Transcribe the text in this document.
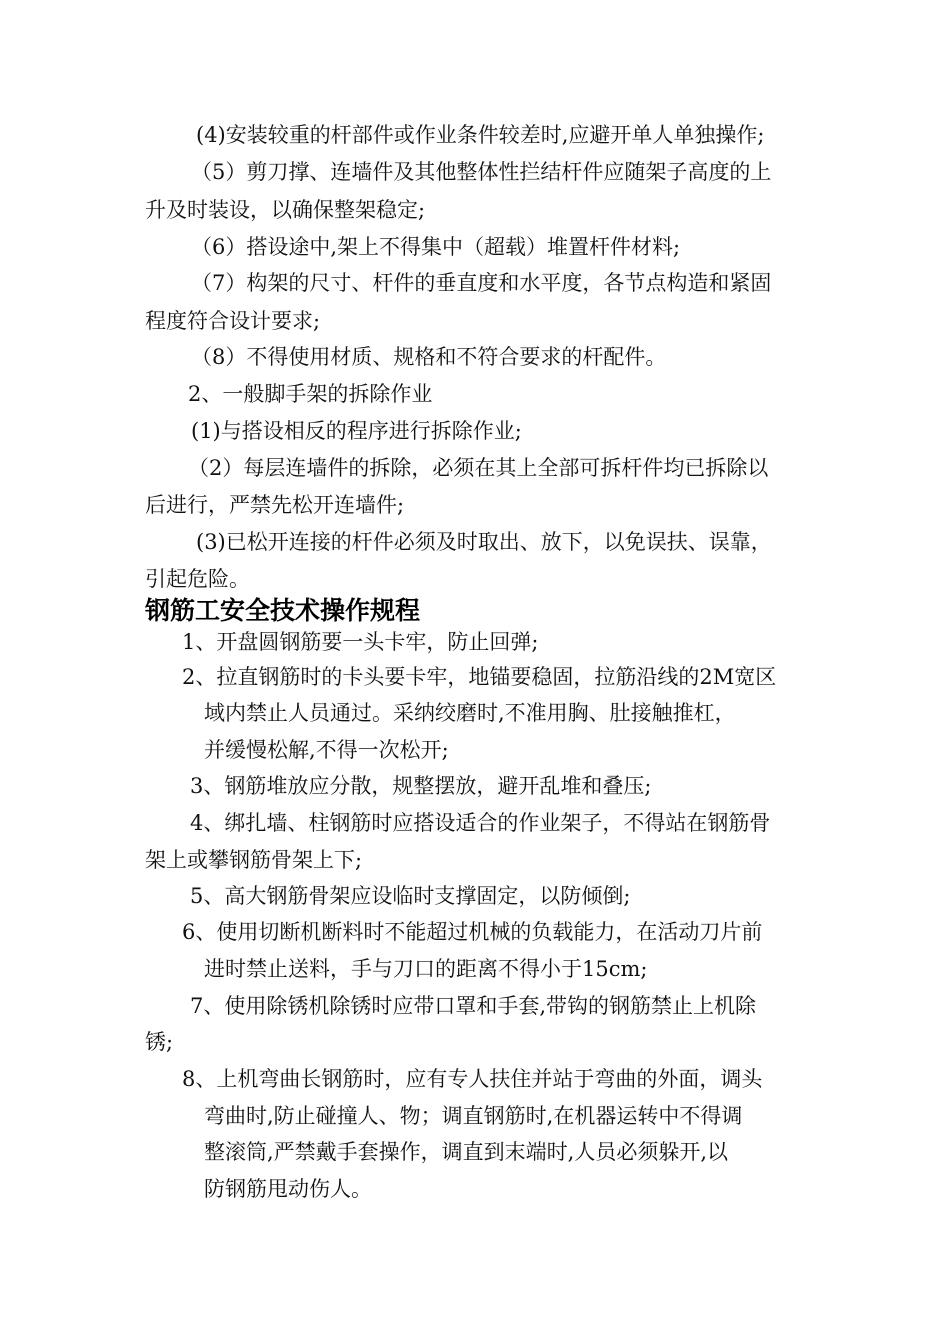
(4)安装较重的杆部件或作业条件较差时,应避开单人单独操作;
（5）剪刀撑、连墙件及其他整体性拦结杆件应随架子高度的上
升及时装设，以确保整架稳定;
（6）搭设途中,架上不得集中（超载）堆置杆件材料;
（7）构架的尺寸、杆件的垂直度和水平度，各节点构造和紧固
程度符合设计要求;
（8）不得使用材质、规格和不符合要求的杆配件。
2、一般脚手架的拆除作业
(1)与搭设相反的程序进行拆除作业;
（2）每层连墙件的拆除，必须在其上全部可拆杆件均已拆除以
后进行，严禁先松开连墙件;
(3)已松开连接的杆件必须及时取出、放下，以免误扶、误靠，
引起危险。
钢筋工安全技术操作规程
1、开盘圆钢筋要一头卡牢，防止回弹;
2、拉直钢筋时的卡头要卡牢，地锚要稳固，拉筋沿线的2M宽区
域内禁止人员通过。采纳绞磨时,不准用胸、肚接触推杠，
并缓慢松解,不得一次松开;
3、钢筋堆放应分散，规整摆放，避开乱堆和叠压;
4、绑扎墙、柱钢筋时应搭设适合的作业架子，不得站在钢筋骨
架上或攀钢筋骨架上下;
5、高大钢筋骨架应设临时支撑固定，以防倾倒;
6、使用切断机断料时不能超过机械的负载能力，在活动刀片前
进时禁止送料，手与刀口的距离不得小于15cm;
7、使用除锈机除锈时应带口罩和手套,带钩的钢筋禁止上机除
锈;
8、上机弯曲长钢筋时，应有专人扶住并站于弯曲的外面，调头
弯曲时,防止碰撞人、物；调直钢筋时,在机器运转中不得调
整滚筒,严禁戴手套操作，调直到末端时,人员必须躲开,以
防钢筋甩动伤人。
